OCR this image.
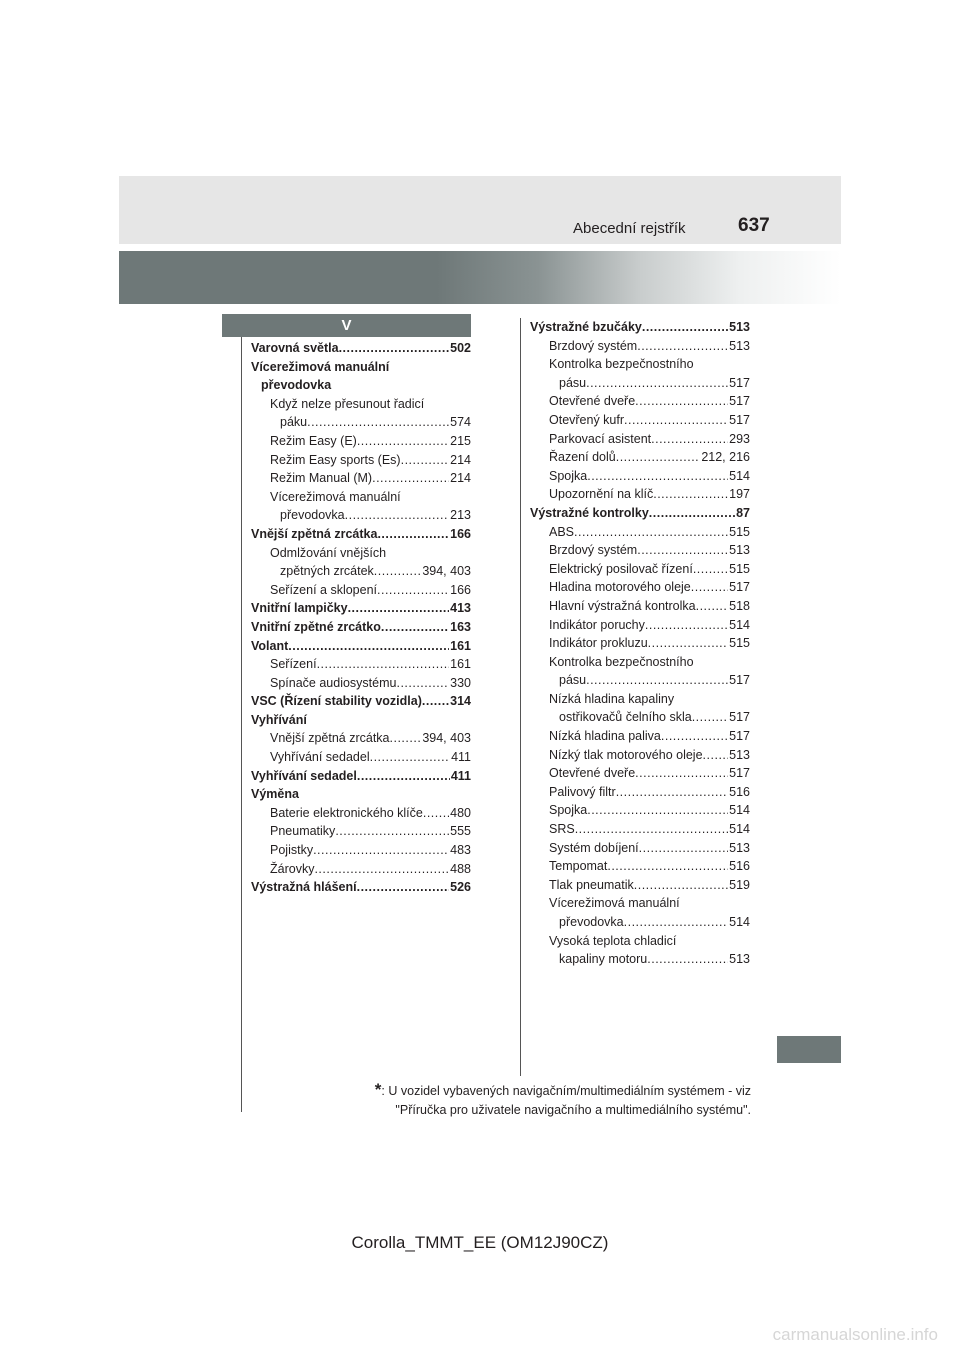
Abecední rejstřík	637
V
Varovná světla .....	502
Vícerežimová manuální
převodovka
Když nelze přesunout řadicí
páku .....	574
Režim Easy (E) .....	215
Režim Easy sports (Es) .....	214
Režim Manual (M) .....	214
Vícerežimová manuální
převodovka .....	213
Vnější zpětná zrcátka .....	166
Odmlžování vnějších
zpětných zrcátek .....	394, 403
Seřízení a sklopení .....	166
Vnitřní lampičky .....	413
Vnitřní zpětné zrcátko .....	163
Volant .....	161
Seřízení .....	161
Spínače audiosystému .....	330
VSC (Řízení stability vozidla) ..... 314
Vyhřívání
Vnější zpětná zrcátka .....	394, 403
Vyhřívání sedadel .....	411
Vyhřívání sedadel .....	411
Výměna
Baterie elektronického klíče ..... 480
Pneumatiky .....	555
Pojistky .....	483
Žárovky .....	488
Výstražná hlášení .....	526
Výstražné bzučáky .....	513
Brzdový systém .....	513
Kontrolka bezpečnostního
pásu .....	517
Otevřené dveře .....	517
Otevřený kufr .....	517
Parkovací asistent .....	293
Řazení dolů .....	212, 216
Spojka .....	514
Upozornění na klíč .....	197
Výstražné kontrolky .....	87
ABS .....	515
Brzdový systém .....	513
Elektrický posilovač řízení .....	515
Hladina motorového oleje .....	517
Hlavní výstražná kontrolka .....	518
Indikátor poruchy .....	514
Indikátor prokluzu .....	515
Kontrolka bezpečnostního
pásu .....	517
Nízká hladina kapaliny
ostřikovačů čelního skla .....	517
Nízká hladina paliva .....	517
Nízký tlak motorového oleje ..... 513
Otevřené dveře .....	517
Palivový filtr .....	516
Spojka .....	514
SRS .....	514
Systém dobíjení .....	513
Tempomat .....	516
Tlak pneumatik .....	519
Vícerežimová manuální
převodovka .....	514
Vysoká teplota chladicí
kapaliny motoru .....	513
*: U vozidel vybavených navigačním/multimediálním systémem - viz
"Příručka pro uživatele navigačního a multimediálního systému".
Corolla_TMMT_EE (OM12J90CZ)
carmanualsonline.info
